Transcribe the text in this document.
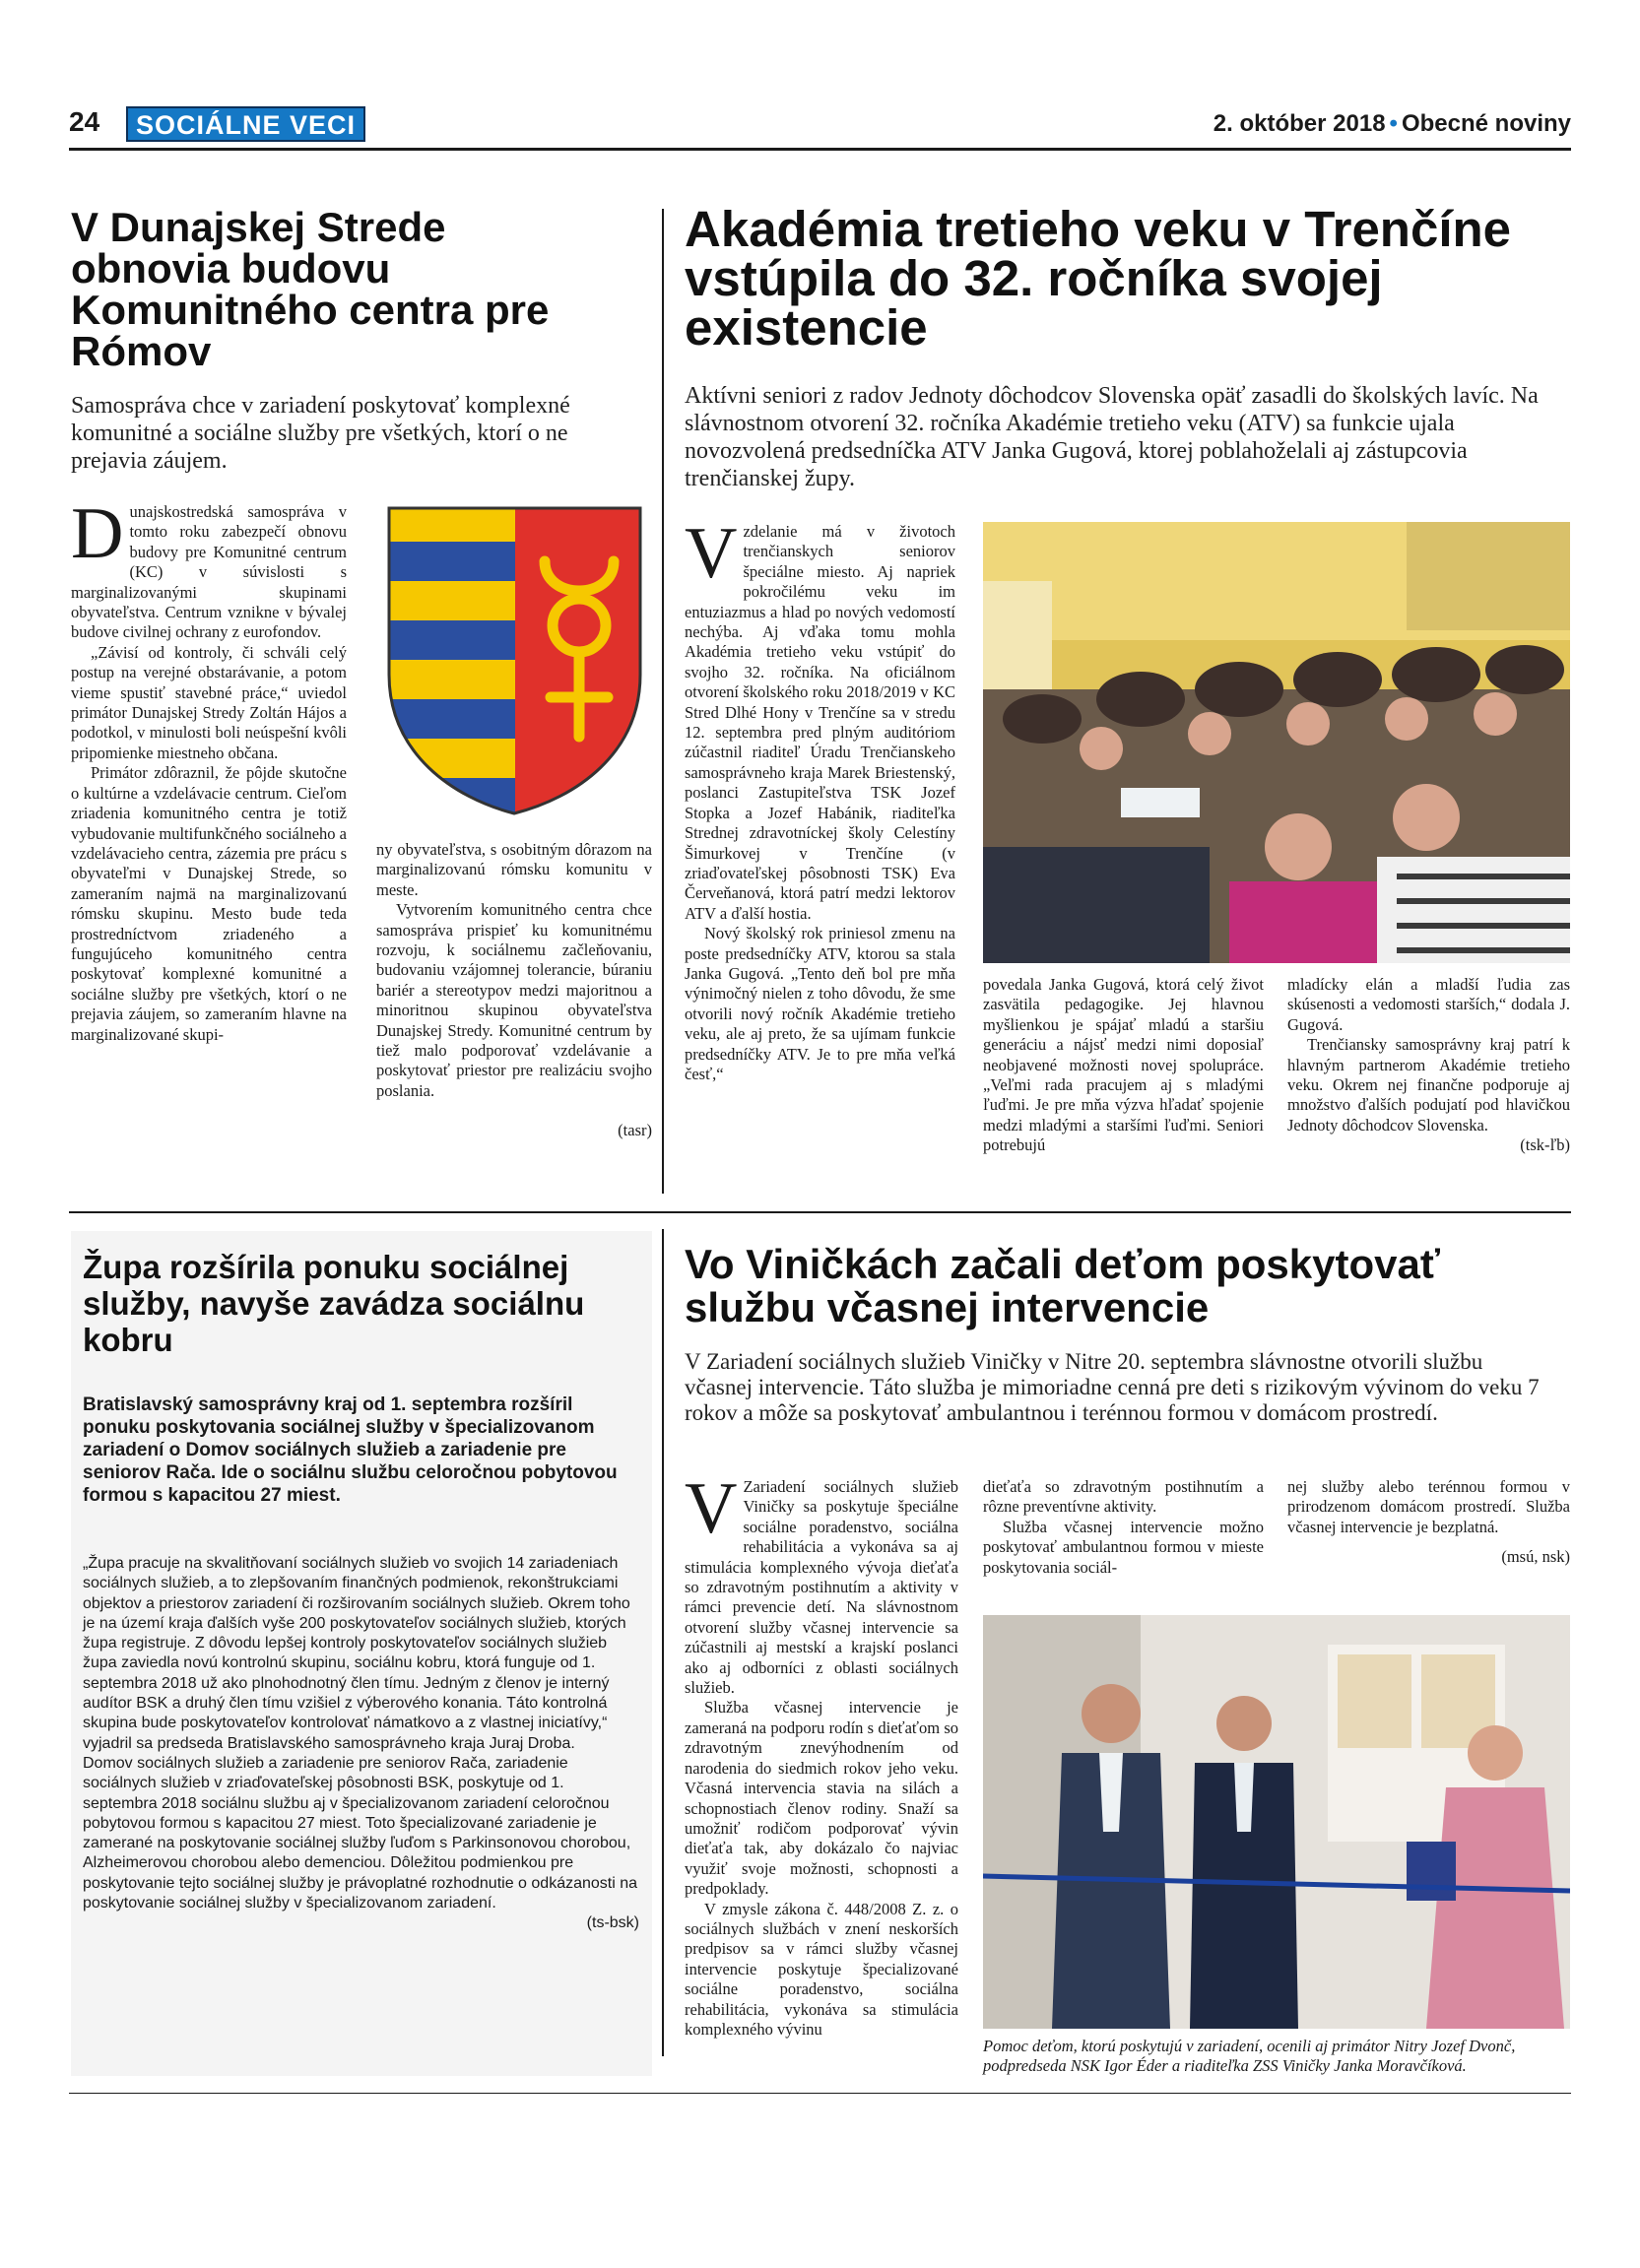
24	SOCIÁLNE VECI	2. október 2018 • Obecné noviny
V Dunajskej Strede obnovia budovu Komunitného centra pre Rómov

Samospráva chce v zariadení poskytovať komplexné komunitné a sociálne služby pre všetkých, ktorí o ne prejavia záujem.

Dunajskostredská samospráva v tomto roku zabezpečí obnovu budovy pre Komunitné centrum (KC) v súvislosti s marginalizovanými skupinami obyvateľstva. Centrum vznikne v bývalej budove civilnej ochrany z eurofondov.

„Závisí od kontroly, či schváli celý postup na verejné obstarávanie, a potom vieme spustiť stavebné práce,“ uviedol primátor Dunajskej Stredy Zoltán Hájos a podotkol, v minulosti boli neúspešní kvôli pripomienke miestneho občana.

Primátor zdôraznil, že pôjde skutočne o kultúrne a vzdelávacie centrum. Cieľom zriadenia komunitného centra je totiž vybudovanie multifunkčného sociálneho a vzdelávacieho centra, zázemia pre prácu s obyvateľmi v Dunajskej Strede, so zameraním najmä na marginalizovanú rómsku skupinu. Mesto bude teda prostredníctvom zriadeného a fungujúceho komunitného centra poskytovať komplexné komunitné a sociálne služby pre všetkých, ktorí o ne prejavia záujem, so zameraním hlavne na marginalizované skupi-

ny obyvateľstva, s osobitným dôrazom na marginalizovanú rómsku komunitu v meste.

Vytvorením komunitného centra chce samospráva prispieť ku komunitnému rozvoju, k sociálnemu začleňovaniu, budovaniu vzájomnej tolerancie, búraniu bariér a stereotypov medzi majoritnou a minoritnou skupinou obyvateľstva Dunajskej Stredy. Komunitné centrum by tiež malo podporovať vzdelávanie a poskytovať priestor pre realizáciu svojho poslania.

(tasr)
Akadémia tretieho veku v Trenčíne vstúpila do 32. ročníka svojej existencie

Aktívni seniori z radov Jednoty dôchodcov Slovenska opäť zasadli do školských lavíc. Na slávnostnom otvorení 32. ročníka Akadémie tretieho veku (ATV) sa funkcie ujala novozvolená predsedníčka ATV Janka Gugová, ktorej poblahoželali aj zástupcovia trenčianskej župy.

Vzdelanie má v životoch trenčianskych seniorov špeciálne miesto. Aj napriek pokročilému veku im entuziazmus a hlad po nových vedomostí nechýba. Aj vďaka tomu mohla Akadémia tretieho veku vstúpiť do svojho 32. ročníka. Na oficiálnom otvorení školského roku 2018/2019 v KC Stred Dlhé Hony v Trenčíne sa v stredu 12. septembra pred plným auditóriom zúčastnil riaditeľ Úradu Trenčianskeho samosprávneho kraja Marek Briestenský, poslanci Zastupiteľstva TSK Jozef Stopka a Jozef Habánik, riaditeľka Strednej zdravotníckej školy Celestíny Šimurkovej v Trenčíne (v zriaďovateľskej pôsobnosti TSK) Eva Červeňanová, ktorá patrí medzi lektorov ATV a ďalší hostia.

Nový školský rok priniesol zmenu na poste predsedníčky ATV, ktorou sa stala Janka Gugová. „Tento deň bol pre mňa výnimočný nielen z toho dôvodu, že sme otvorili nový ročník Akadémie tretieho veku, ale aj preto, že sa ujímam funkcie predsedníčky ATV. Je to pre mňa veľká česť,“

povedala Janka Gugová, ktorá celý život zasvätila pedagogike. Jej hlavnou myšlienkou je spájať mladú a staršiu generáciu a nájsť medzi nimi doposiaľ neobjavené možnosti novej spolupráce. „Veľmi rada pracujem aj s mladými ľuďmi. Je pre mňa výzva hľadať spojenie medzi mladými a staršími ľuďmi. Seniori potrebujú

mladícky elán a mladší ľudia zas skúsenosti a vedomosti starších,“ dodala J. Gugová.

Trenčiansky samosprávny kraj patrí k hlavným partnerom Akadémie tretieho veku. Okrem nej finančne podporuje aj množstvo ďalších podujatí pod hlavičkou Jednoty dôchodcov Slovenska.

(tsk-ľb)
Župa rozšírila ponuku sociálnej služby, navyše zavádza sociálnu kobru

Bratislavský samosprávny kraj od 1. septembra rozšíril ponuku poskytovania sociálnej služby v špecializovanom zariadení o Domov sociálnych služieb a zariadenie pre seniorov Rača. Ide o sociálnu službu celoročnou pobytovou formou s kapacitou 27 miest.

„Župa pracuje na skvalitňovaní sociálnych služieb vo svojich 14 zariadeniach sociálnych služieb, a to zlepšovaním finančných podmienok, rekonštrukciami objektov a priestorov zariadení či rozširovaním sociálnych služieb. Okrem toho je na území kraja ďalších vyše 200 poskytovateľov sociálnych služieb, ktorých župa registruje. Z dôvodu lepšej kontroly poskytovateľov sociálnych služieb župa zaviedla novú kontrolnú skupinu, sociálnu kobru, ktorá funguje od 1. septembra 2018 už ako plnohodnotný člen tímu. Jedným z členov je interný audítor BSK a druhý člen tímu vzišiel z výberového konania. Táto kontrolná skupina bude poskytovateľov kontrolovať námatkovo a z vlastnej iniciatívy,“ vyjadril sa predseda Bratislavského samosprávneho kraja Juraj Droba.

Domov sociálnych služieb a zariadenie pre seniorov Rača, zariadenie sociálnych služieb v zriaďovateľskej pôsobnosti BSK, poskytuje od 1. septembra 2018 sociálnu službu aj v špecializovanom zariadení celoročnou pobytovou formou s kapacitou 27 miest. Toto špecializované zariadenie je zamerané na poskytovanie sociálnej služby ľuďom s Parkinsonovou chorobou, Alzheimerovou chorobou alebo demenciou. Dôležitou podmienkou pre poskytovanie tejto sociálnej služby je právoplatné rozhodnutie o odkázanosti na poskytovanie sociálnej služby v špecializovanom zariadení.

(ts-bsk)
Vo Viničkách začali deťom poskytovať službu včasnej intervencie

V Zariadení sociálnych služieb Viničky v Nitre 20. septembra slávnostne otvorili službu včasnej intervencie. Táto služba je mimoriadne cenná pre deti s rizikovým vývinom do veku 7 rokov a môže sa poskytovať ambulantnou i terénnou formou v domácom prostredí.

V Zariadení sociálnych služieb Viničky sa poskytuje špeciálne sociálne poradenstvo, sociálna rehabilitácia a vykonáva sa aj stimulácia komplexného vývoja dieťaťa so zdravotným postihnutím a aktivity v rámci prevencie detí. Na slávnostnom otvorení služby včasnej intervencie sa zúčastnili aj mestskí a krajskí poslanci ako aj odborníci z oblasti sociálnych služieb.

Služba včasnej intervencie je zameraná na podporu rodín s dieťaťom so zdravotným znevýhodnením od narodenia do siedmich rokov jeho veku. Včasná intervencia stavia na silách a schopnostiach členov rodiny. Snaží sa umožniť rodičom podporovať vývin dieťaťa tak, aby dokázalo čo najviac využiť svoje možnosti, schopnosti a predpoklady.

V zmysle zákona č. 448/2008 Z. z. o sociálnych službách v znení neskorších predpisov sa v rámci služby včasnej intervencie poskytuje špecializované sociálne poradenstvo, sociálna rehabilitácia, vykonáva sa stimulácia komplexného vývinu

dieťaťa so zdravotným postihnutím a rôzne preventívne aktivity.

Služba včasnej intervencie možno poskytovať ambulantnou formou v mieste poskytovania sociál-

nej služby alebo terénnou formou v prirodzenom domácom prostredí. Služba včasnej intervencie je bezplatná.

(msú, nsk)

Pomoc deťom, ktorú poskytujú v zariadení, ocenili aj primátor Nitry Jozef Dvonč, podpredseda NSK Igor Éder a riaditeľka ZSS Viničky Janka Moravčíková.
